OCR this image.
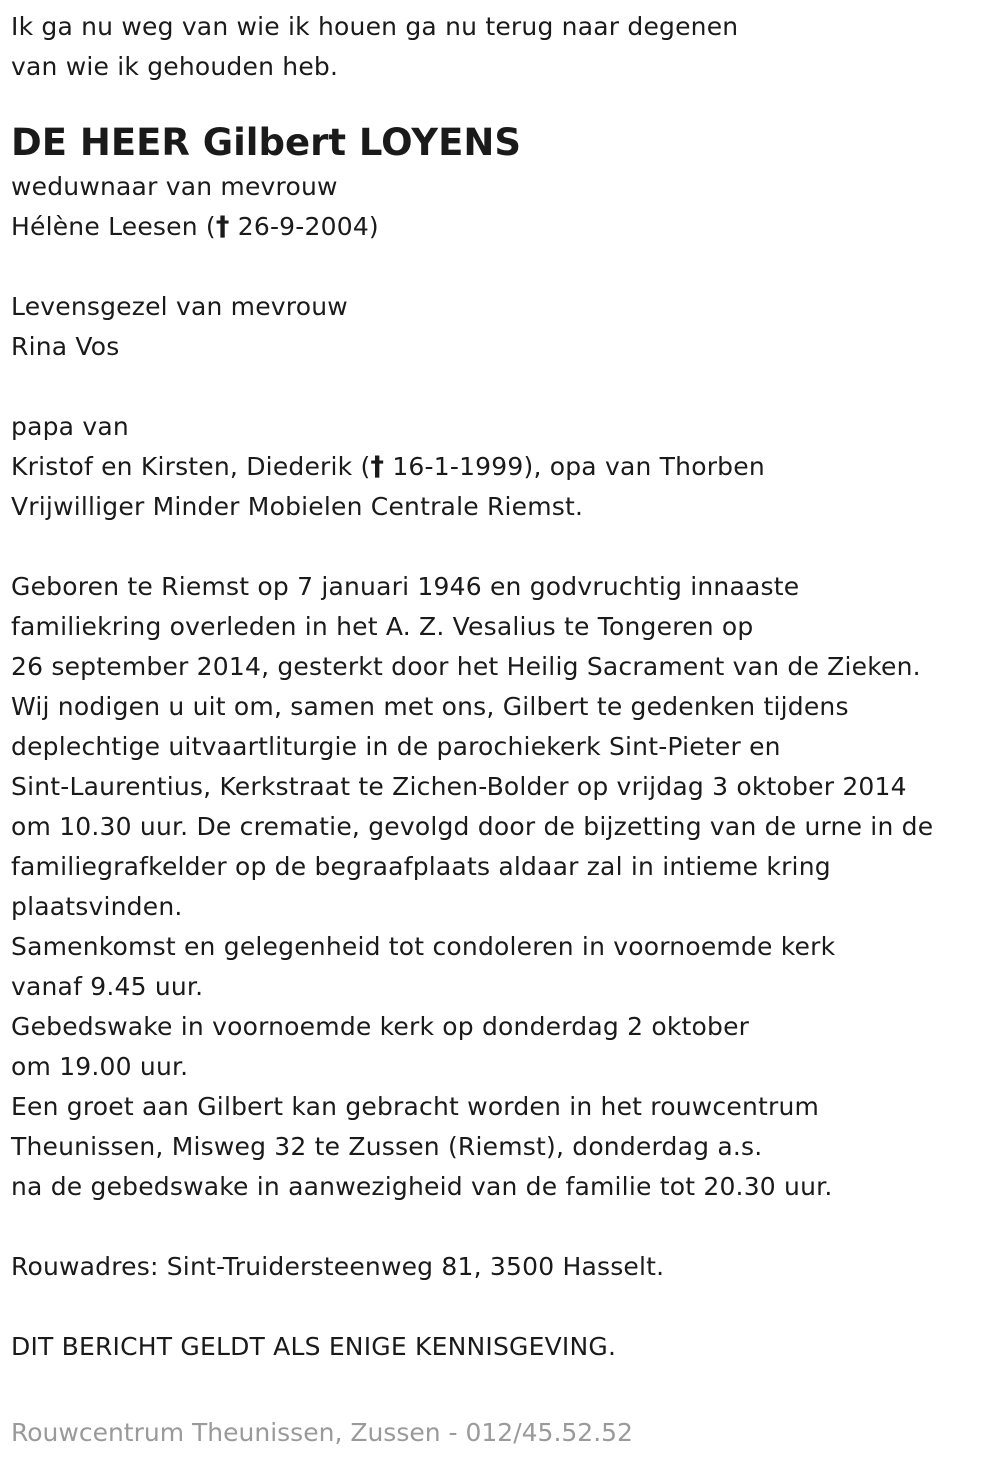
Ik ga nu weg van wie ik houen ga nu terug naar degenen
van wie ik gehouden heb.
DE HEER Gilbert LOYENS
weduwnaar van mevrouw
Hélène Leesen († 26-9-2004)
Levensgezel van mevrouw
Rina Vos
papa van
Kristof en Kirsten, Diederik († 16-1-1999), opa van Thorben
Vrijwilliger Minder Mobielen Centrale Riemst.
Geboren te Riemst op 7 januari 1946 en godvruchtig innaaste
familiekring overleden in het A. Z. Vesalius te Tongeren op
26 september 2014, gesterkt door het Heilig Sacrament van de Zieken.
Wij nodigen u uit om, samen met ons, Gilbert te gedenken tijdens
deplechtige uitvaartliturgie in de parochiekerk Sint-Pieter en
Sint-Laurentius, Kerkstraat te Zichen-Bolder op vrijdag 3 oktober 2014
om 10.30 uur. De crematie, gevolgd door de bijzetting van de urne in de
familiegrafkelder op de begraafplaats aldaar zal in intieme kring
plaatsvinden.
Samenkomst en gelegenheid tot condoleren in voornoemde kerk
vanaf 9.45 uur.
Gebedswake in voornoemde kerk op donderdag 2 oktober
om 19.00 uur.
Een groet aan Gilbert kan gebracht worden in het rouwcentrum
Theunissen, Misweg 32 te Zussen (Riemst), donderdag a.s.
na de gebedswake in aanwezigheid van de familie tot 20.30 uur.
Rouwadres: Sint-Truidersteenweg 81, 3500 Hasselt.
DIT BERICHT GELDT ALS ENIGE KENNISGEVING.
Rouwcentrum Theunissen, Zussen - 012/45.52.52
